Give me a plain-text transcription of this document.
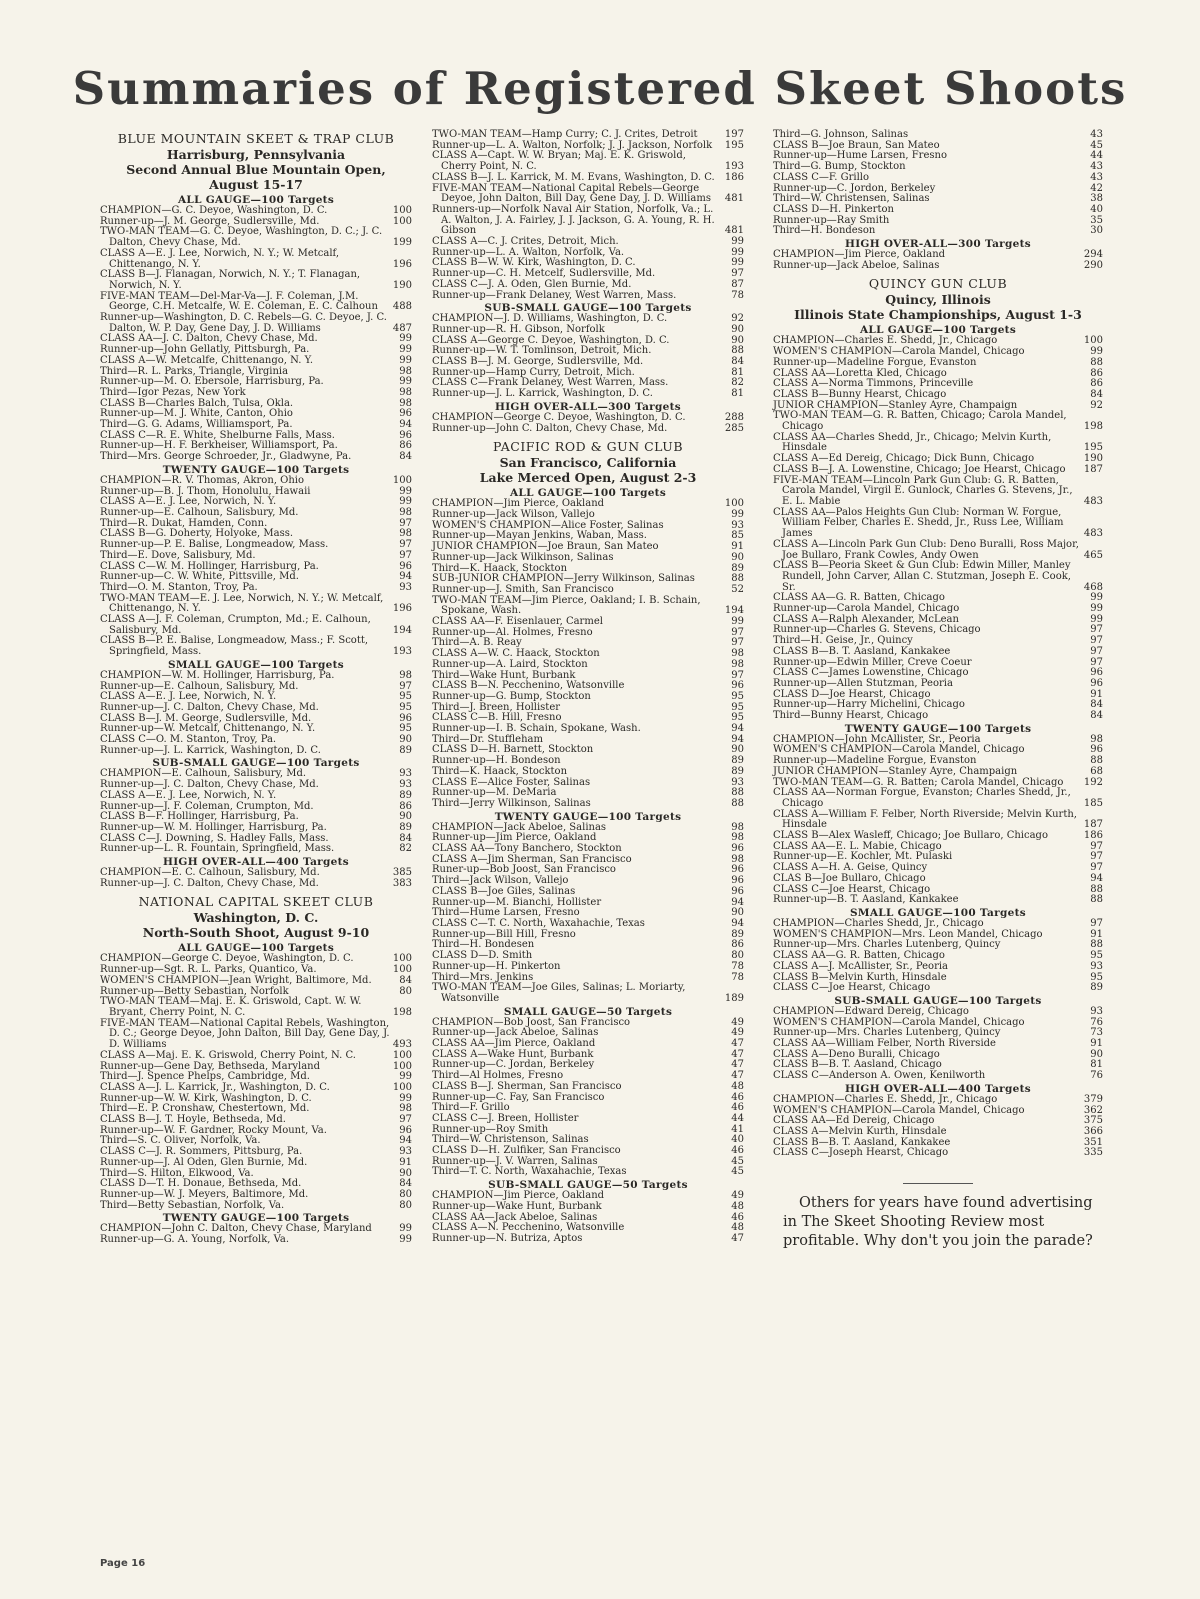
Summaries of Registered Skeet Shoots
BLUE MOUNTAIN SKEET & TRAP CLUB
Harrisburg, Pennsylvania
Second Annual Blue Mountain Open, August 15-17
ALL GAUGE—100 Targets
CHAMPION—G. C. Deyoe, Washington, D. C.	100
Runner-up—J. M. George, Sudlersville, Md.	100
TWO-MAN TEAM—G. C. Deyoe, Washington, D. C.; J. C. Dalton, Chevy Chase, Md.	199
CLASS A—E. J. Lee, Norwich, N. Y.; W. Metcalf, Chittenango, N. Y.	196
CLASS B—J. Flanagan, Norwich, N. Y.; T. Flanagan, Norwich, N. Y.	190
FIVE-MAN TEAM—Del-Mar-Va—J. F. Coleman, J.M. George, C.H. Metcalfe, W. E. Coleman, E. C. Calhoun	488
Runner-up—Washington, D. C. Rebels—G. C. Deyoe, J. C. Dalton, W. P. Day, Gene Day, J. D. Williams	487
CLASS AA—J. C. Dalton, Chevy Chase, Md.	99
Runner-up—John Gellatly, Pittsburgh, Pa.	99
CLASS A—W. Metcalfe, Chittenango, N. Y.	99
Third—R. L. Parks, Triangle, Virginia	98
Runner-up—M. O. Ebersole, Harrisburg, Pa.	99
Third—Igor Pezas, New York	98
CLASS B—Charles Balch, Tulsa, Okla.	98
Runner-up—M. J. White, Canton, Ohio	96
Third—G. G. Adams, Williamsport, Pa.	94
CLASS C—R. E. White, Shelburne Falls, Mass.	96
Runner-up—H. F. Berkheiser, Williamsport, Pa.	86
Third—Mrs. George Schroeder, Jr., Gladwyne, Pa.	84
TWENTY GAUGE—100 Targets
CHAMPION—R. V. Thomas, Akron, Ohio	100
Runner-up—B. J. Thom, Honolulu, Hawaii	99
CLASS A—E. J. Lee, Norwich, N. Y.	99
Runner-up—E. Calhoun, Salisbury, Md.	98
Third—R. Dukat, Hamden, Conn.	97
CLASS B—G. Doherty, Holyoke, Mass.	98
Runner-up—P. E. Balise, Longmeadow, Mass.	97
Third—E. Dove, Salisbury, Md.	97
CLASS C—W. M. Hollinger, Harrisburg, Pa.	96
Runner-up—C. W. White, Pittsville, Md.	94
Third—O. M. Stanton, Troy, Pa.	93
TWO-MAN TEAM—E. J. Lee, Norwich, N. Y.; W. Metcalf, Chittenango, N. Y.	196
CLASS A—J. F. Coleman, Crumpton, Md.; E. Calhoun, Salisbury, Md.	194
CLASS B—P. E. Balise, Longmeadow, Mass.; F. Scott, Springfield, Mass.	193
SMALL GAUGE—100 Targets
CHAMPION—W. M. Hollinger, Harrisburg, Pa.	98
Runner-up—E. Calhoun, Salisbury, Md.	97
CLASS A—E. J. Lee, Norwich, N. Y.	95
Runner-up—J. C. Dalton, Chevy Chase, Md.	95
CLASS B—J. M. George, Sudlersville, Md.	96
Runner-up—W. Metcalf, Chittenango, N. Y.	95
CLASS C—O. M. Stanton, Troy, Pa.	90
Runner-up—J. L. Karrick, Washington, D. C.	89
SUB-SMALL GAUGE—100 Targets
CHAMPION—E. Calhoun, Salisbury, Md.	93
Runner-up—J. C. Dalton, Chevy Chase, Md.	93
CLASS A—E. J. Lee, Norwich, N. Y.	89
Runner-up—J. F. Coleman, Crumpton, Md.	86
CLASS B—F. Hollinger, Harrisburg, Pa.	90
Runner-up—W. M. Hollinger, Harrisburg, Pa.	89
CLASS C—J. Downing, S. Hadley Falls, Mass.	84
Runner-up—L. R. Fountain, Springfield, Mass.	82
HIGH OVER-ALL—400 Targets
CHAMPION—E. C. Calhoun, Salisbury, Md.	385
Runner-up—J. C. Dalton, Chevy Chase, Md.	383
NATIONAL CAPITAL SKEET CLUB
Washington, D. C.
North-South Shoot, August 9-10
ALL GAUGE—100 Targets
CHAMPION—George C. Deyoe, Washington, D. C.	100
Runner-up—Sgt. R. L. Parks, Quantico, Va.	100
WOMEN'S CHAMPION—Jean Wright, Baltimore, Md.	84
Runner-up—Betty Sebastian, Norfolk	80
TWO-MAN TEAM—Maj. E. K. Griswold, Capt. W. W. Bryant, Cherry Point, N. C.	198
FIVE-MAN TEAM—National Capital Rebels, Washington, D. C.; George Deyoe, John Dalton, Bill Day, Gene Day, J. D. Williams	493
CLASS A—Maj. E. K. Griswold, Cherry Point, N. C.	100
Runner-up—Gene Day, Bethseda, Maryland	100
Third—J. Spence Phelps, Cambridge, Md.	99
CLASS A—J. L. Karrick, Jr., Washington, D. C.	100
Runner-up—W. W. Kirk, Washington, D. C.	99
Third—E. P. Cronshaw, Chestertown, Md.	98
CLASS B—J. T. Hoyle, Bethseda, Md.	97
Runner-up—W. F. Gardner, Rocky Mount, Va.	96
Third—S. C. Oliver, Norfolk, Va.	94
CLASS C—J. R. Sommers, Pittsburg, Pa.	93
Runner-up—J. Al Oden, Glen Burnie, Md.	91
Third—S. Hilton, Elkwood, Va.	90
CLASS D—T. H. Donaue, Bethseda, Md.	84
Runner-up—W. J. Meyers, Baltimore, Md.	80
Third—Betty Sebastian, Norfolk, Va.	80
TWENTY GAUGE—100 Targets
CHAMPION—John C. Dalton, Chevy Chase, Maryland	99
Runner-up—G. A. Young, Norfolk, Va.	99
TWO-MAN TEAM—Hamp Curry; C. J. Crites, Detroit	197
Runner-up—L. A. Walton, Norfolk; J. J. Jackson, Norfolk	195
CLASS A—Capt. W. W. Bryan; Maj. E. K. Griswold, Cherry Point, N. C.	193
CLASS B—J. L. Karrick, M. M. Evans, Washington, D. C.	186
FIVE-MAN TEAM—National Capital Rebels—George Deyoe, John Dalton, Bill Day, Gene Day, J. D. Williams	481
Runners-up—Norfolk Naval Air Station, Norfolk, Va.; L. A. Walton, J. A. Fairley, J. J. Jackson, G. A. Young, R. H. Gibson	481
CLASS A—C. J. Crites, Detroit, Mich.	99
Runner-up—L. A. Walton, Norfolk, Va.	99
CLASS B—W. W. Kirk, Washington, D. C.	99
Runner-up—C. H. Metcelf, Sudlersville, Md.	97
CLASS C—J. A. Oden, Glen Burnie, Md.	87
Runner-up—Frank Delaney, West Warren, Mass.	78
SUB-SMALL GAUGE—100 Targets
CHAMPION—J. D. Williams, Washington, D. C.	92
Runner-up—R. H. Gibson, Norfolk	90
CLASS A—George C. Deyoe, Washington, D. C.	90
Runner-up—W. T. Tomlinson, Detroit, Mich.	88
CLASS B—J. M. George, Sudlersville, Md.	84
Runner-up—Hamp Curry, Detroit, Mich.	81
CLASS C—Frank Delaney, West Warren, Mass.	82
Runner-up—J. L. Karrick, Washington, D. C.	81
HIGH OVER-ALL—300 Targets
CHAMPION—George C. Deyoe, Washington, D. C.	288
Runner-up—John C. Dalton, Chevy Chase, Md.	285
PACIFIC ROD & GUN CLUB
San Francisco, California
Lake Merced Open, August 2-3
ALL GAUGE—100 Targets
CHAMPION—Jim Pierce, Oakland	100
Runner-up—Jack Wilson, Vallejo	99
WOMEN'S CHAMPION—Alice Foster, Salinas	93
Runner-up—Mayan Jenkins, Waban, Mass.	85
JUNIOR CHAMPION—Joe Braun, San Mateo	91
Runner-up—Jack Wilkinson, Salinas	90
Third—K. Haack, Stockton	89
SUB-JUNIOR CHAMPION—Jerry Wilkinson, Salinas	88
Runner-up—J. Smith, San Francisco	52
TWO-MAN TEAM—Jim Pierce, Oakland; I. B. Schain, Spokane, Wash.	194
CLASS AA—F. Eisenlauer, Carmel	99
Runner-up—Al. Holmes, Fresno	97
Third—A. B. Reay	97
CLASS A—W. C. Haack, Stockton	98
Runner-up—A. Laird, Stockton	98
Third—Wake Hunt, Burbank	97
CLASS B—N. Pecchenino, Watsonville	96
Runner-up—G. Bump, Stockton	95
Third—J. Breen, Hollister	95
CLASS C—B. Hill, Fresno	95
Runner-up—I. B. Schain, Spokane, Wash.	94
Third—Dr. Stuffleham	94
CLASS D—H. Barnett, Stockton	90
Runner-up—H. Bondeson	89
Third—K. Haack, Stockton	89
CLASS E—Alice Foster, Salinas	93
Runner-up—M. DeMaria	88
Third—Jerry Wilkinson, Salinas	88
TWENTY GAUGE—100 Targets
CHAMPION—Jack Abeloe, Salinas	98
Runner-up—Jim Pierce, Oakland	98
CLASS AA—Tony Banchero, Stockton	96
CLASS A—Jim Sherman, San Francisco	98
Runer-up—Bob Joost, San Francisco	96
Third—Jack Wilson, Vallejo	96
CLASS B—Joe Giles, Salinas	96
Runner-up—M. Bianchi, Hollister	94
Third—Hume Larsen, Fresno	90
CLASS C—T. C. North, Waxahachie, Texas	94
Runner-up—Bill Hill, Fresno	89
Third—H. Bondesen	86
CLASS D—D. Smith	80
Runner-up—H. Pinkerton	78
Third—Mrs. Jenkins	78
TWO-MAN TEAM—Joe Giles, Salinas; L. Moriarty, Watsonville	189
SMALL GAUGE—50 Targets
CHAMPION—Bob Joost, San Francisco	49
Runner-up—Jack Abeloe, Salinas	49
CLASS AA—Jim Pierce, Oakland	47
CLASS A—Wake Hunt, Burbank	47
Runner-up—C. Jordan, Berkeley	47
Third—Al Holmes, Fresno	47
CLASS B—J. Sherman, San Francisco	48
Runner-up—C. Fay, San Francisco	46
Third—F. Grillo	46
CLASS C—J. Breen, Hollister	44
Runner-up—Roy Smith	41
Third—W. Christenson, Salinas	40
CLASS D—H. Zulfiker, San Francisco	46
Runner-up—J. V. Warren, Salinas	45
Third—T. C. North, Waxahachie, Texas	45
SUB-SMALL GAUGE—50 Targets
CHAMPION—Jim Pierce, Oakland	49
Runner-up—Wake Hunt, Burbank	48
CLASS AA—Jack Abeloe, Salinas	46
CLASS A—N. Pecchenino, Watsonville	48
Runner-up—N. Butriza, Aptos	47
Third—G. Johnson, Salinas	43
CLASS B—Joe Braun, San Mateo	45
Runner-up—Hume Larsen, Fresno	44
Third—G. Bump, Stockton	43
CLASS C—F. Grillo	43
Runner-up—C. Jordon, Berkeley	42
Third—W. Christensen, Salinas	38
CLASS D—H. Pinkerton	40
Runner-up—Ray Smith	35
Third—H. Bondeson	30
HIGH OVER-ALL—300 Targets
CHAMPION—Jim Pierce, Oakland	294
Runner-up—Jack Abeloe, Salinas	290
QUINCY GUN CLUB
Quincy, Illinois
Illinois State Championships, August 1-3
ALL GAUGE—100 Targets
CHAMPION—Charles E. Shedd, Jr., Chicago	100
WOMEN'S CHAMPION—Carola Mandel, Chicago	99
Runner-up—Madeline Forgue, Evanston	88
CLASS AA—Loretta Kled, Chicago	86
CLASS A—Norma Timmons, Princeville	86
CLASS B—Bunny Hearst, Chicago	84
JUNIOR CHAMPION—Stanley Ayre, Champaign	92
TWO-MAN TEAM—G. R. Batten, Chicago; Carola Mandel, Chicago	198
CLASS AA—Charles Shedd, Jr., Chicago; Melvin Kurth, Hinsdale	195
CLASS A—Ed Dereig, Chicago; Dick Bunn, Chicago	190
CLASS B—J. A. Lowenstine, Chicago; Joe Hearst, Chicago	187
FIVE-MAN TEAM—Lincoln Park Gun Club: G. R. Batten, Carola Mandel, Virgil E. Gunlock, Charles G. Stevens, Jr., E. L. Mabie	483
CLASS AA—Palos Heights Gun Club: Norman W. Forgue, William Felber, Charles E. Shedd, Jr., Russ Lee, William James	483
CLASS A—Lincoln Park Gun Club: Deno Buralli, Ross Major, Joe Bullaro, Frank Cowles, Andy Owen	465
CLASS B—Peoria Skeet & Gun Club: Edwin Miller, Manley Rundell, John Carver, Allan C. Stutzman, Joseph E. Cook, Sr.	468
CLASS AA—G. R. Batten, Chicago	99
Runner-up—Carola Mandel, Chicago	99
CLASS A—Ralph Alexander, McLean	99
Runner-up—Charles G. Stevens, Chicago	97
Third—H. Geise, Jr., Quincy	97
CLASS B—B. T. Aasland, Kankakee	97
Runner-up—Edwin Miller, Creve Coeur	97
CLASS C—James Lowenstine, Chicago	96
Runner-up—Allen Stutzman, Peoria	96
CLASS D—Joe Hearst, Chicago	91
Runner-up—Harry Michelini, Chicago	84
Third—Bunny Hearst, Chicago	84
TWENTY GAUGE—100 Targets
CHAMPION—John McAllister, Sr., Peoria	98
WOMEN'S CHAMPION—Carola Mandel, Chicago	96
Runner-up—Madeline Forgue, Evanston	88
JUNIOR CHAMPION—Stanley Ayre, Champaign	68
TWO-MAN TEAM—G. R. Batten; Carola Mandel, Chicago	192
CLASS AA—Norman Forgue, Evanston; Charles Shedd, Jr., Chicago	185
CLASS A—William F. Felber, North Riverside; Melvin Kurth, Hinsdale	187
CLASS B—Alex Wasleff, Chicago; Joe Bullaro, Chicago	186
CLASS AA—E. L. Mabie, Chicago	97
Runner-up—E. Kochler, Mt. Pulaski	97
CLASS A—H. A. Geise, Quincy	97
CLAS B—Joe Bullaro, Chicago	94
CLASS C—Joe Hearst, Chicago	88
Runner-up—B. T. Aasland, Kankakee	88
SMALL GAUGE—100 Targets
CHAMPION—Charles Shedd, Jr., Chicago	97
WOMEN'S CHAMPION—Mrs. Leon Mandel, Chicago	91
Runner-up—Mrs. Charles Lutenberg, Quincy	88
CLASS AA—G. R. Batten, Chicago	95
CLASS A—J. McAllister, Sr., Peoria	93
CLASS B—Melvin Kurth, Hinsdale	95
CLASS C—Joe Hearst, Chicago	89
SUB-SMALL GAUGE—100 Targets
CHAMPION—Edward Dereig, Chicago	93
WOMEN'S CHAMPION—Carola Mandel, Chicago	76
Runner-up—Mrs. Charles Lutenberg, Quincy	73
CLASS AA—William Felber, North Riverside	91
CLASS A—Deno Buralli, Chicago	90
CLASS B—B. T. Aasland, Chicago	81
CLASS C—Anderson A. Owen, Kenilworth	76
HIGH OVER-ALL—400 Targets
CHAMPION—Charles E. Shedd, Jr., Chicago	379
WOMEN'S CHAMPION—Carola Mandel, Chicago	362
CLASS AA—Ed Dereig, Chicago	375
CLASS A—Melvin Kurth, Hinsdale	366
CLASS B—B. T. Aasland, Kankakee	351
CLASS C—Joseph Hearst, Chicago	335

Others for years have found advertising in The Skeet Shooting Review most profitable. Why don't you join the parade?

Page 16
